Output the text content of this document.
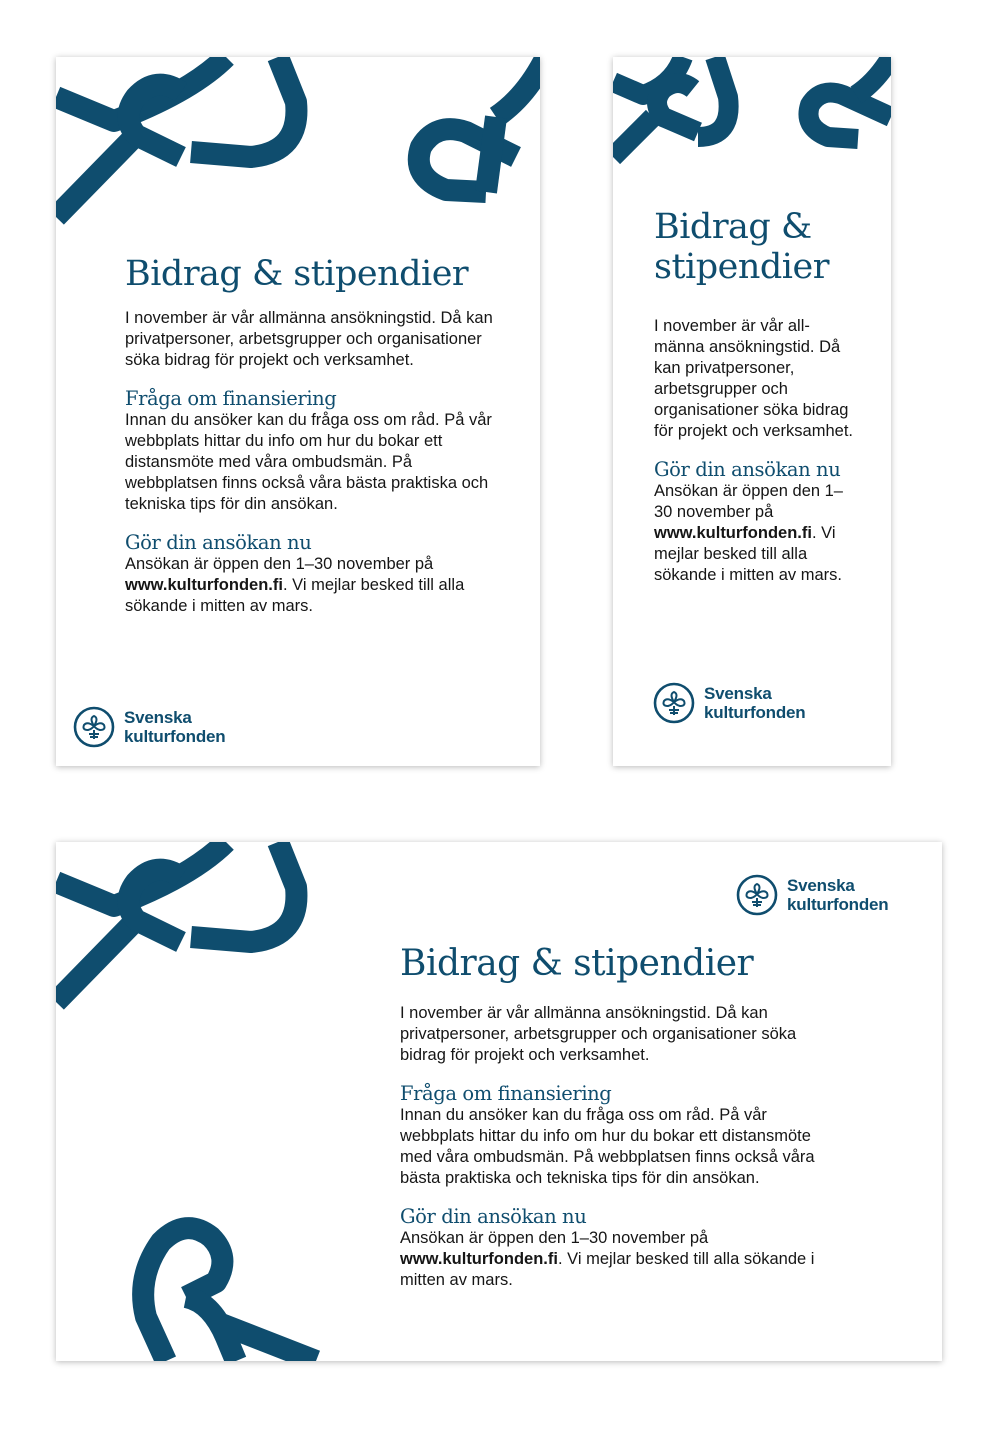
Bidrag & stipendier

I november är vår allmänna ansökningstid. Då kan privatpersoner, arbetsgrupper och organisationer söka bidrag för projekt och verksamhet.

Fråga om finansiering

Innan du ansöker kan du fråga oss om råd. På vår webbplats hittar du info om hur du bokar ett distansmöte med våra ombudsmän. På webbplatsen finns också våra bästa praktiska och tekniska tips för din ansökan.

Gör din ansökan nu

Ansökan är öppen den 1–30 november på www.kulturfonden.fi. Vi mejlar besked till alla sökande i mitten av mars.

Svenska
kulturfonden
Bidrag &
stipendier

I november är vår all-männa ansökningstid. Då kan privatpersoner, arbetsgrupper och organisationer söka bidrag för projekt och verksamhet.

Gör din ansökan nu

Ansökan är öppen den 1–30 november på www.kulturfonden.fi. Vi mejlar besked till alla sökande i mitten av mars.

Svenska
kulturfonden
Svenska
kulturfonden
Bidrag & stipendier

I november är vår allmänna ansökningstid. Då kan privatpersoner, arbetsgrupper och organisationer söka bidrag för projekt och verksamhet.

Fråga om finansiering

Innan du ansöker kan du fråga oss om råd. På vår webbplats hittar du info om hur du bokar ett distansmöte med våra ombudsmän. På webbplatsen finns också våra bästa praktiska och tekniska tips för din ansökan.

Gör din ansökan nu

Ansökan är öppen den 1–30 november på www.kulturfonden.fi. Vi mejlar besked till alla sökande i mitten av mars.
